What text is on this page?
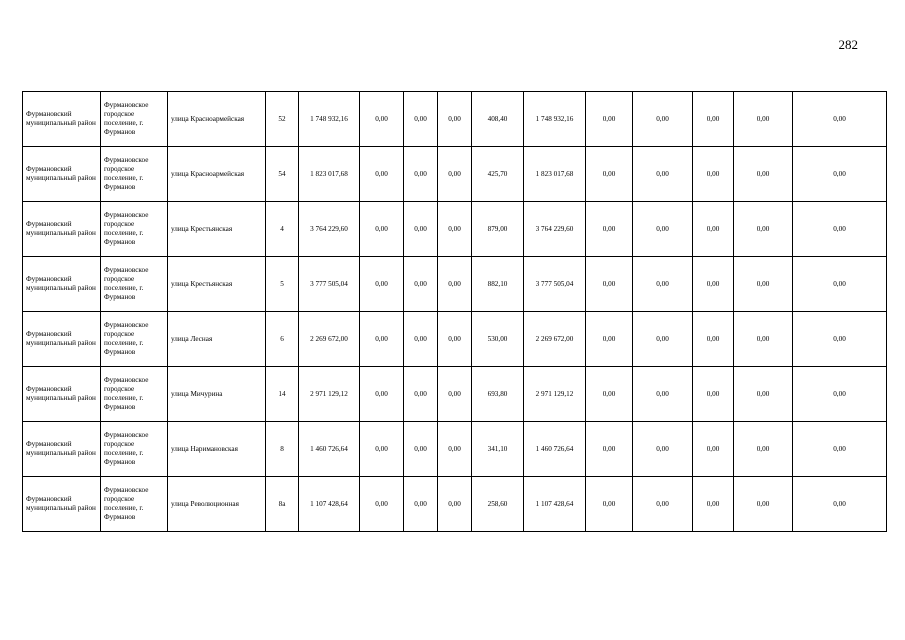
282
Фурмановский муниципальный район	Фурмановское городское поселение, г. Фурманов	улица Красноармейская	52	1 748 932,16	0,00	0,00	0,00	408,40	1 748 932,16	0,00	0,00	0,00	0,00	0,00
Фурмановский муниципальный район	Фурмановское городское поселение, г. Фурманов	улица Красноармейская	54	1 823 017,68	0,00	0,00	0,00	425,70	1 823 017,68	0,00	0,00	0,00	0,00	0,00
Фурмановский муниципальный район	Фурмановское городское поселение, г. Фурманов	улица Крестьянская	4	3 764 229,60	0,00	0,00	0,00	879,00	3 764 229,60	0,00	0,00	0,00	0,00	0,00
Фурмановский муниципальный район	Фурмановское городское поселение, г. Фурманов	улица Крестьянская	5	3 777 505,04	0,00	0,00	0,00	882,10	3 777 505,04	0,00	0,00	0,00	0,00	0,00
Фурмановский муниципальный район	Фурмановское городское поселение, г. Фурманов	улица Лесная	6	2 269 672,00	0,00	0,00	0,00	530,00	2 269 672,00	0,00	0,00	0,00	0,00	0,00
Фурмановский муниципальный район	Фурмановское городское поселение, г. Фурманов	улица Мичурина	14	2 971 129,12	0,00	0,00	0,00	693,80	2 971 129,12	0,00	0,00	0,00	0,00	0,00
Фурмановский муниципальный район	Фурмановское городское поселение, г. Фурманов	улица Нариманoвская	8	1 460 726,64	0,00	0,00	0,00	341,10	1 460 726,64	0,00	0,00	0,00	0,00	0,00
Фурмановский муниципальный район	Фурмановское городское поселение, г. Фурманов	улица Революционная	8а	1 107 428,64	0,00	0,00	0,00	258,60	1 107 428,64	0,00	0,00	0,00	0,00	0,00
